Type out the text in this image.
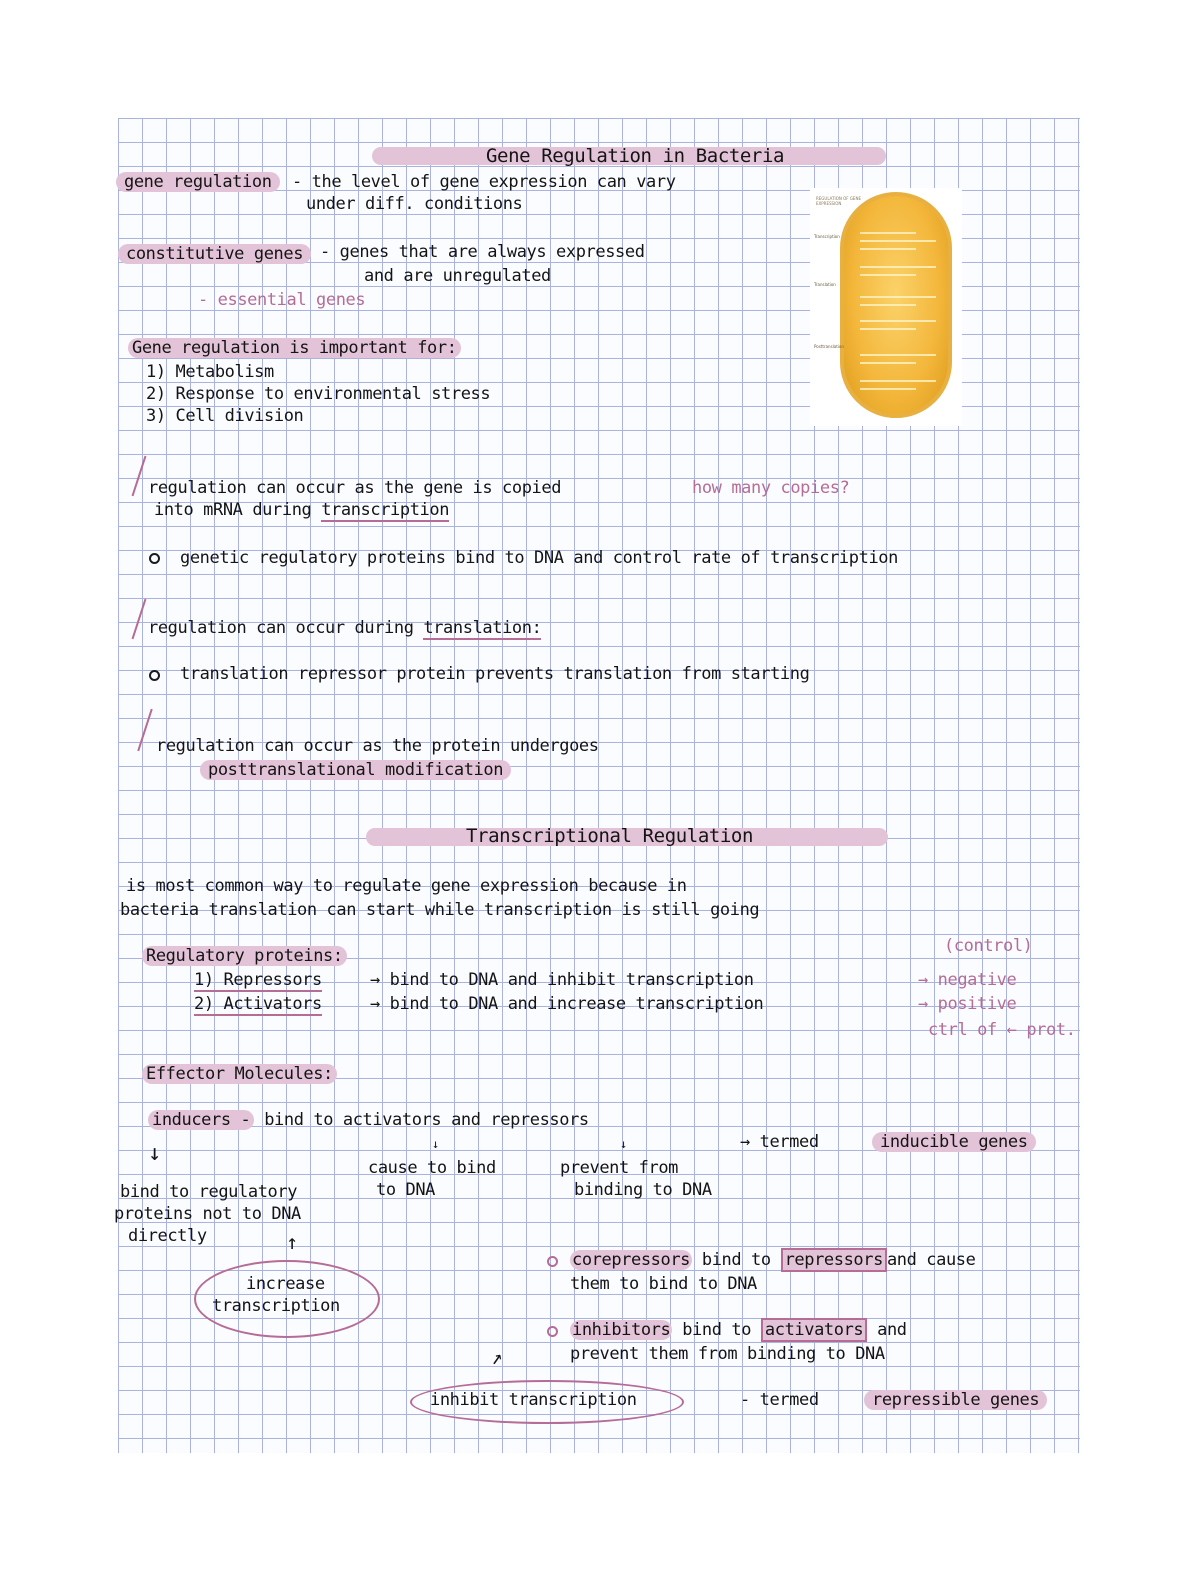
Gene Regulation in Bacteria
gene regulation	- the level of gene expression can vary
under diff. conditions	REGULATION OF GENE EXPRESSION
Transcription
Translation
Posttranslation
constitutive genes - genes that are always expressed
and are unregulated
- essential genes
Gene regulation is important for:
1) Metabolism
2) Response to environmental stress
3) Cell division
regulation can occur as the gene is copied
into mRNA during transcription
how many copies?
genetic regulatory proteins bind to DNA and control rate of transcription
regulation can occur during translation:
translation repressor protein prevents translation from starting
regulation can occur as the protein undergoes
posttranslational modification
Transcriptional Regulation
is most common way to regulate gene expression because in
bacteria translation can start while transcription is still going
Regulatory proteins:
1) Repressors	→ bind to DNA and inhibit transcription
2) Activators	→ bind to DNA and increase transcription
(control)
→ negative
→ positive
ctrl of ← prot.
Effector Molecules:
inducers - bind to activators and repressors
→ termed	inducible genes
↓	↓	↓
cause to bind
to DNA
prevent from
binding to DNA
bind to regulatory
proteins not to DNA
directly	↑
increase
transcription
corepressors bind to repressors and cause
them to bind to DNA
inhibitors bind to activators and
prevent them from binding to DNA
↑
inhibit transcription	- termed	repressible genes
